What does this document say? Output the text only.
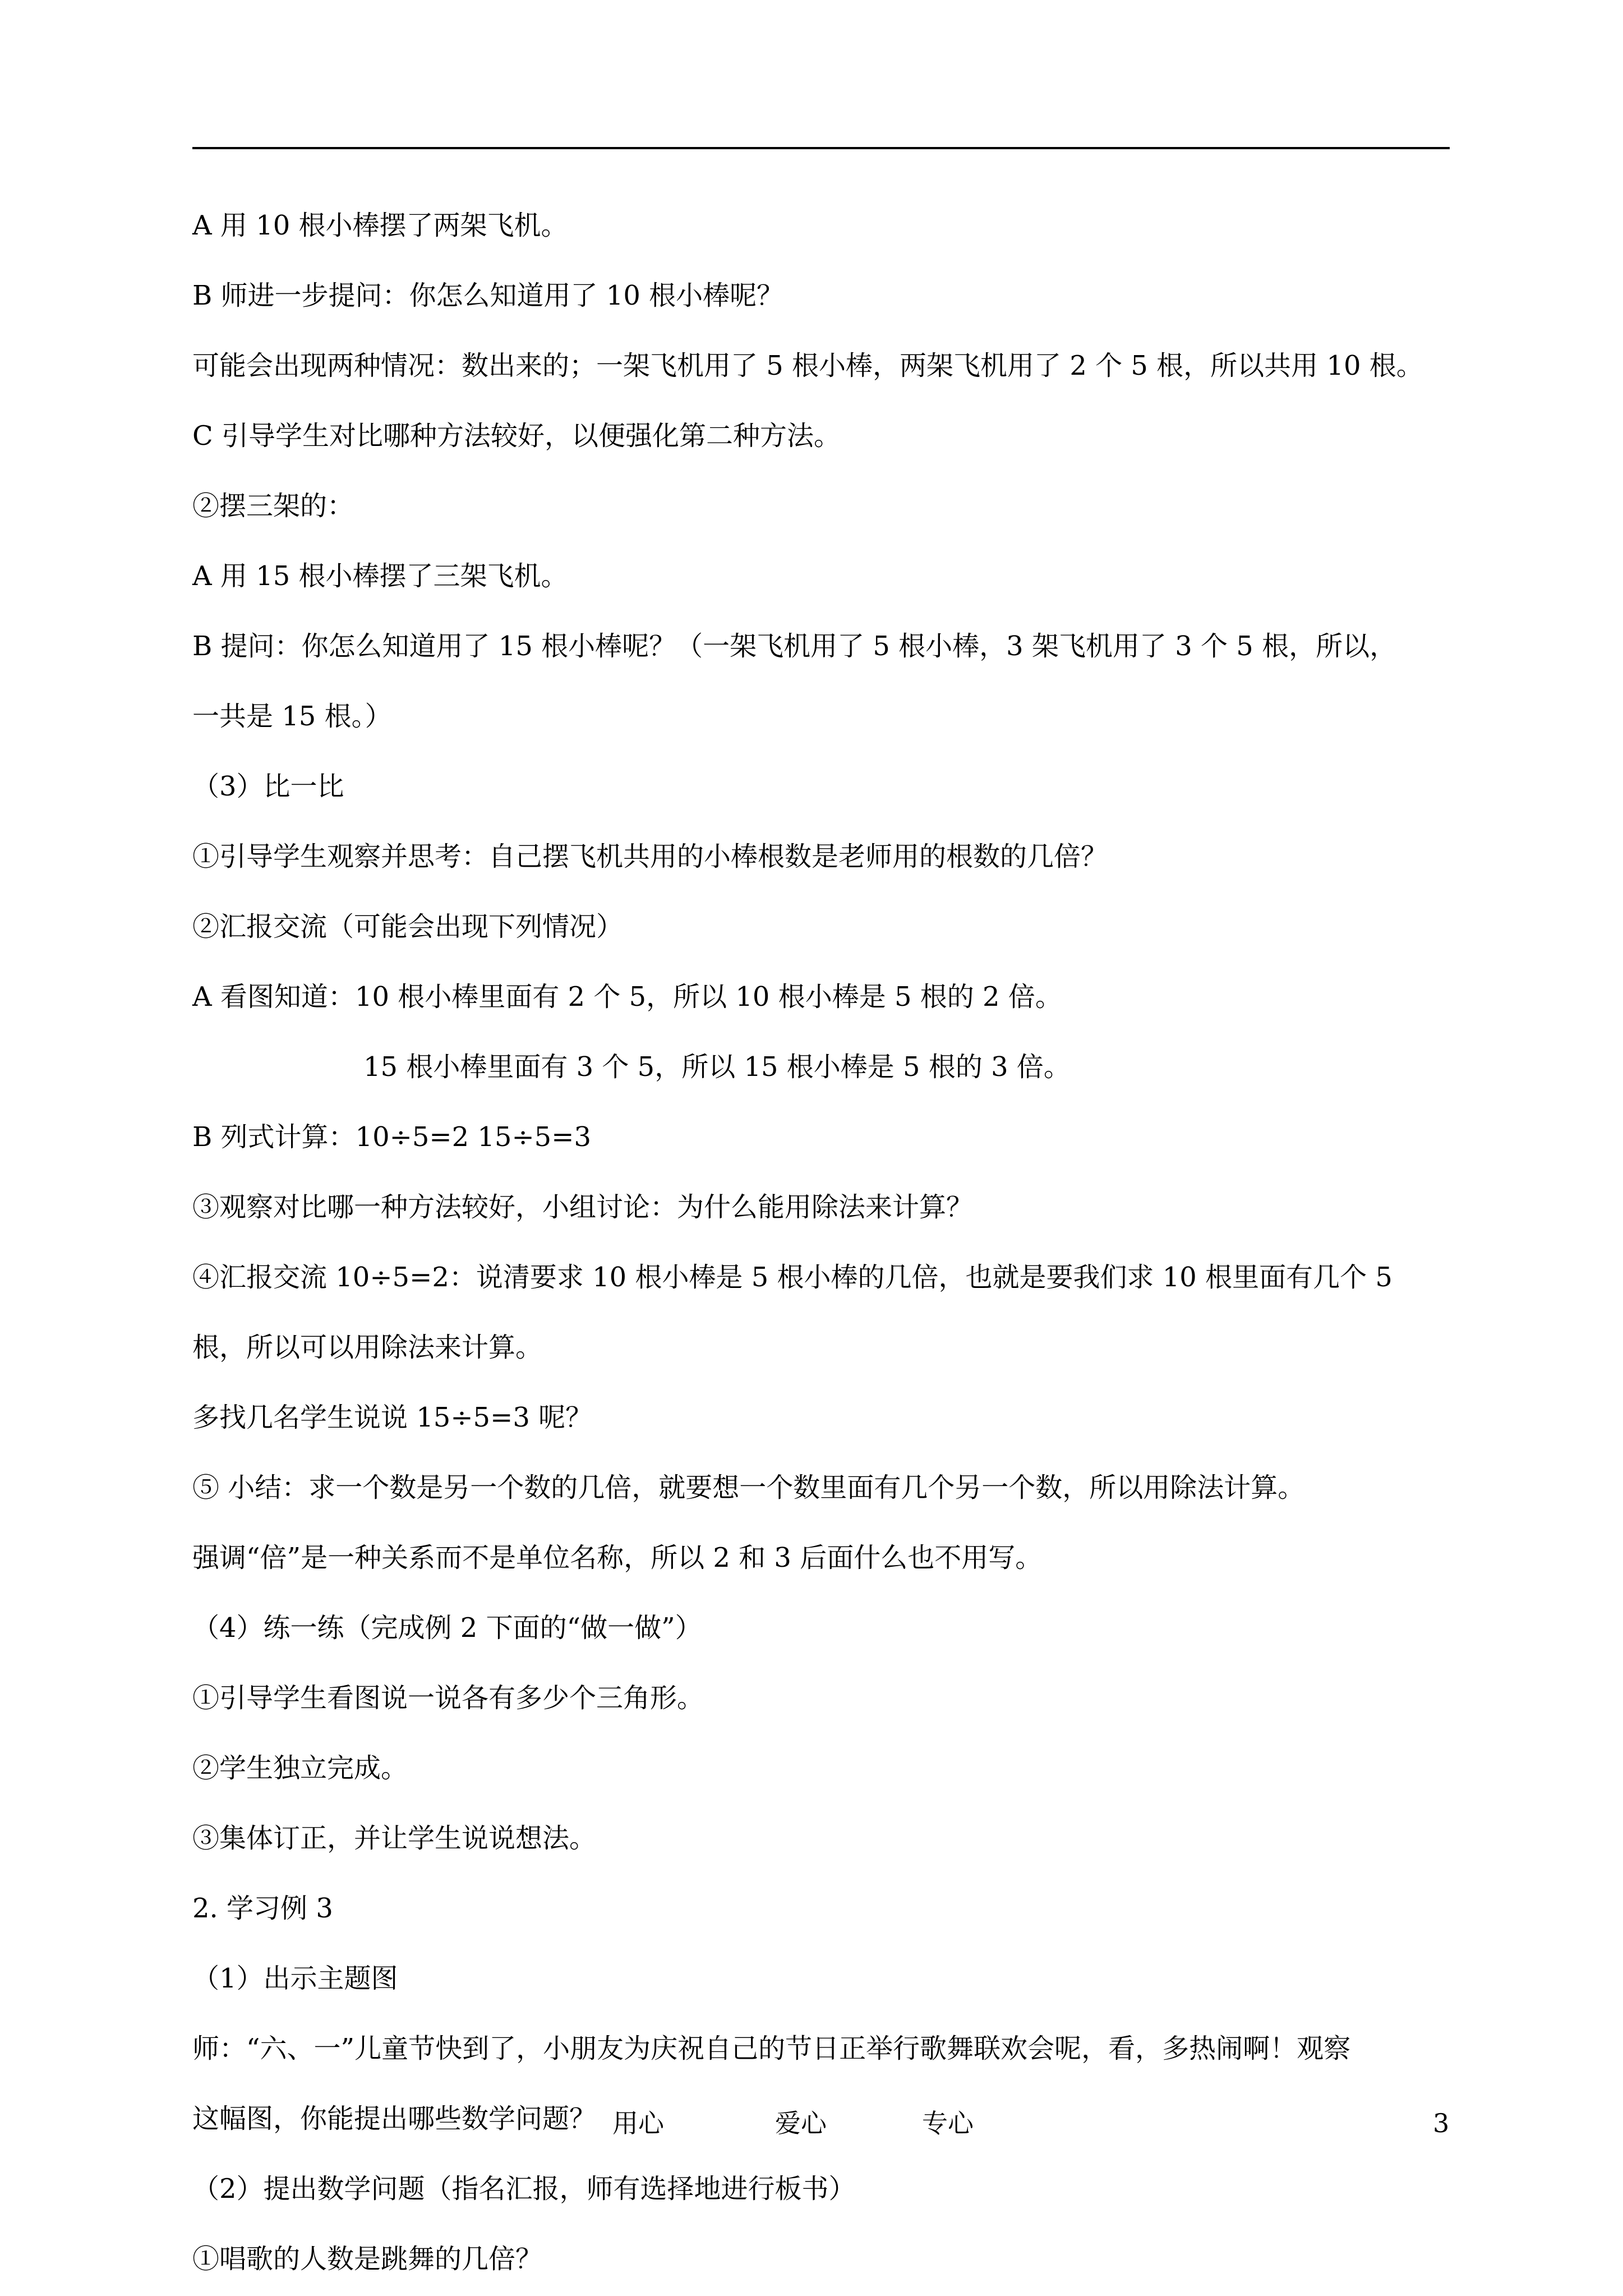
A 用 10 根小棒摆了两架飞机。
B 师进一步提问：你怎么知道用了 10 根小棒呢？
可能会出现两种情况：数出来的；一架飞机用了 5 根小棒，两架飞机用了 2 个 5 根，所以共用 10 根。
C 引导学生对比哪种方法较好，以便强化第二种方法。
②摆三架的：
A 用 15 根小棒摆了三架飞机。
B 提问：你怎么知道用了 15 根小棒呢？（一架飞机用了 5 根小棒，3 架飞机用了 3 个 5 根，所以，
一共是 15 根。）
（3）比一比
①引导学生观察并思考：自己摆飞机共用的小棒根数是老师用的根数的几倍？
②汇报交流（可能会出现下列情况）
A 看图知道：10 根小棒里面有 2 个 5，所以 10 根小棒是 5 根的 2 倍。
15 根小棒里面有 3 个 5，所以 15 根小棒是 5 根的 3 倍。
B 列式计算：10÷5=2 15÷5=3
③观察对比哪一种方法较好，小组讨论：为什么能用除法来计算？
④汇报交流 10÷5=2：说清要求 10 根小棒是 5 根小棒的几倍，也就是要我们求 10 根里面有几个 5
根，所以可以用除法来计算。
多找几名学生说说 15÷5=3 呢？
⑤ 小结：求一个数是另一个数的几倍，就要想一个数里面有几个另一个数，所以用除法计算。
强调“倍”是一种关系而不是单位名称，所以 2 和 3 后面什么也不用写。
（4）练一练（完成例 2 下面的“做一做”）
①引导学生看图说一说各有多少个三角形。
②学生独立完成。
③集体订正，并让学生说说想法。
2. 学习例 3
（1）出示主题图
师：“六、一”儿童节快到了，小朋友为庆祝自己的节日正举行歌舞联欢会呢，看，多热闹啊！观察
这幅图，你能提出哪些数学问题？
（2）提出数学问题（指名汇报，师有选择地进行板书）
①唱歌的人数是跳舞的几倍？
用心	爱心	专心	3
